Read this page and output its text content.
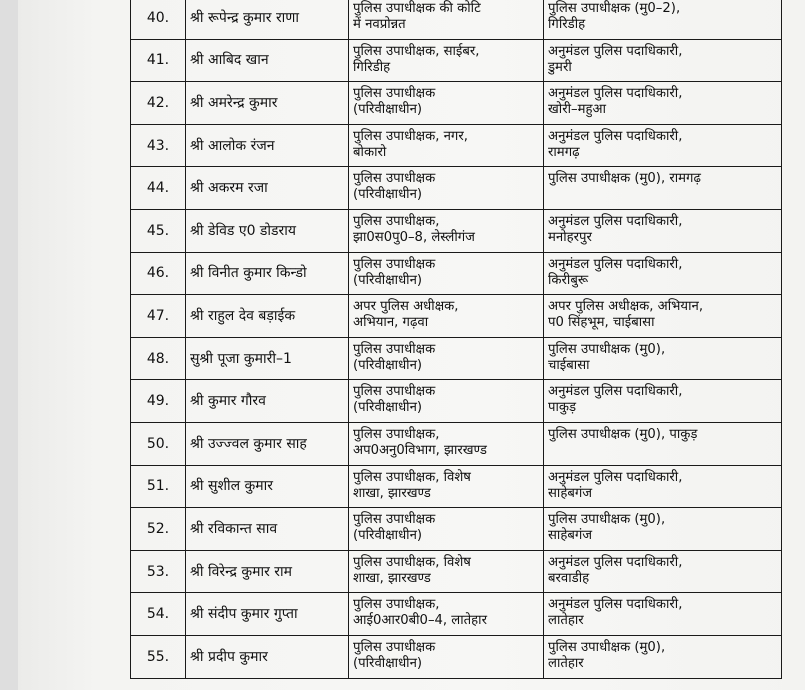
40.	श्री रूपेन्द्र कुमार राणा	पुलिस उपाधीक्षक की कोटि
में नवप्रोन्नत	पुलिस उपाधीक्षक (मु0–2),
गिरिडीह

41.	श्री आबिद खान	पुलिस उपाधीक्षक, साईबर,
गिरिडीह	अनुमंडल पुलिस पदाधिकारी,
डुमरी

42.	श्री अमरेन्द्र कुमार	पुलिस उपाधीक्षक
(परिवीक्षाधीन)	अनुमंडल पुलिस पदाधिकारी,
खोरी–महुआ

43.	श्री आलोक रंजन	पुलिस उपाधीक्षक, नगर,
बोकारो	अनुमंडल पुलिस पदाधिकारी,
रामगढ़

44.	श्री अकरम रजा	पुलिस उपाधीक्षक
(परिवीक्षाधीन)	पुलिस उपाधीक्षक (मु0), रामगढ़

45.	श्री डेविड ए0 डोडराय	पुलिस उपाधीक्षक,
झा0स0पु0–8, लेस्लीगंज	अनुमंडल पुलिस पदाधिकारी,
मनोहरपुर

46.	श्री विनीत कुमार किन्डो	पुलिस उपाधीक्षक
(परिवीक्षाधीन)	अनुमंडल पुलिस पदाधिकारी,
किरीबुरू

47.	श्री राहुल देव बड़ाईक	अपर पुलिस अधीक्षक,
अभियान, गढ़वा	अपर पुलिस अधीक्षक, अभियान,
प0 सिंहभूम, चाईबासा

48.	सुश्री पूजा कुमारी–1	पुलिस उपाधीक्षक
(परिवीक्षाधीन)	पुलिस उपाधीक्षक (मु0),
चाईबासा

49.	श्री कुमार गौरव	पुलिस उपाधीक्षक
(परिवीक्षाधीन)	अनुमंडल पुलिस पदाधिकारी,
पाकुड़

50.	श्री उज्ज्वल कुमार साह	पुलिस उपाधीक्षक,
अप0अनु0विभाग, झारखण्ड	पुलिस उपाधीक्षक (मु0), पाकुड़

51.	श्री सुशील कुमार	पुलिस उपाधीक्षक, विशेष
शाखा, झारखण्ड	अनुमंडल पुलिस पदाधिकारी,
साहेबगंज

52.	श्री रविकान्त साव	पुलिस उपाधीक्षक
(परिवीक्षाधीन)	पुलिस उपाधीक्षक (मु0),
साहेबगंज

53.	श्री विरेन्द्र कुमार राम	पुलिस उपाधीक्षक, विशेष
शाखा, झारखण्ड	अनुमंडल पुलिस पदाधिकारी,
बरवाडीह

54.	श्री संदीप कुमार गुप्ता	पुलिस उपाधीक्षक,
आई0आर0बी0–4, लातेहार	अनुमंडल पुलिस पदाधिकारी,
लातेहार

55.	श्री प्रदीप कुमार	पुलिस उपाधीक्षक
(परिवीक्षाधीन)	पुलिस उपाधीक्षक (मु0),
लातेहार
